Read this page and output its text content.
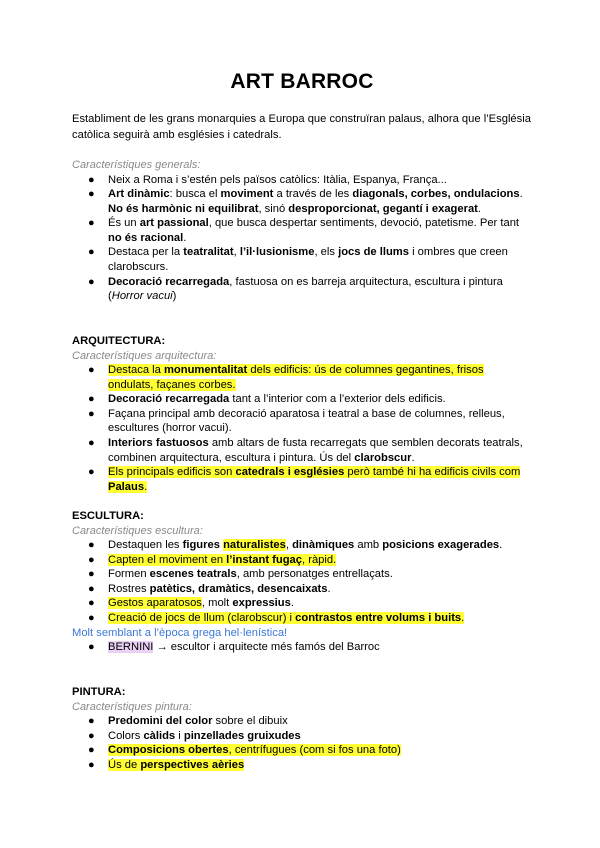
ART BARROC
Establiment de les grans monarquies a Europa que construïran palaus, alhora que l’Església catòlica seguirà amb esglésies i catedrals.

Característiques generals:

● Neix a Roma i s’estén pels països catòlics: Itàlia, Espanya, França...
● Art dinàmic: busca el moviment a través de les diagonals, corbes, ondulacions. No és harmònic ni equilibrat, sinó desproporcionat, gegantí i exagerat.
● És un art passional, que busca despertar sentiments, devoció, patetisme. Per tant no és racional.
● Destaca per la teatralitat, l’il·lusionisme, els jocs de llums i ombres que creen clarobscurs.
● Decoració recarregada, fastuosa on es barreja arquitectura, escultura i pintura (Horror vacui)

ARQUITECTURA:

Característiques arquitectura:

● Destaca la monumentalitat dels edificis: ús de columnes gegantines, frisos ondulats, façanes corbes.
● Decoració recarregada tant a l’interior com a l’exterior dels edificis.
● Façana principal amb decoració aparatosa i teatral a base de columnes, relleus, escultures (horror vacui).
● Interiors fastuosos amb altars de fusta recarregats que semblen decorats teatrals, combinen arquitectura, escultura i pintura. Ús del clarobscur.
● Els principals edificis son catedrals i esglésies però també hi ha edificis civils com Palaus.

ESCULTURA:

Característiques escultura:

● Destaquen les figures naturalistes, dinàmiques amb posicions exagerades.
● Capten el moviment en l’instant fugaç, ràpid.
● Formen escenes teatrals, amb personatges entrellaçats.
● Rostres patètics, dramàtics, desencaixats.
● Gestos aparatosos, molt expressius.
● Creació de jocs de llum (clarobscur) i contrastos entre volums i buits.
Molt semblant a l’època grega hel·lenística!
● BERNINI → escultor i arquitecte més famós del Barroc

PINTURA:

Característiques pintura:

● Predomini del color sobre el dibuix
● Colors càlids i pinzellades gruixudes
● Composicions obertes, centrífugues (com si fos una foto)
● Ús de perspectives aèries
